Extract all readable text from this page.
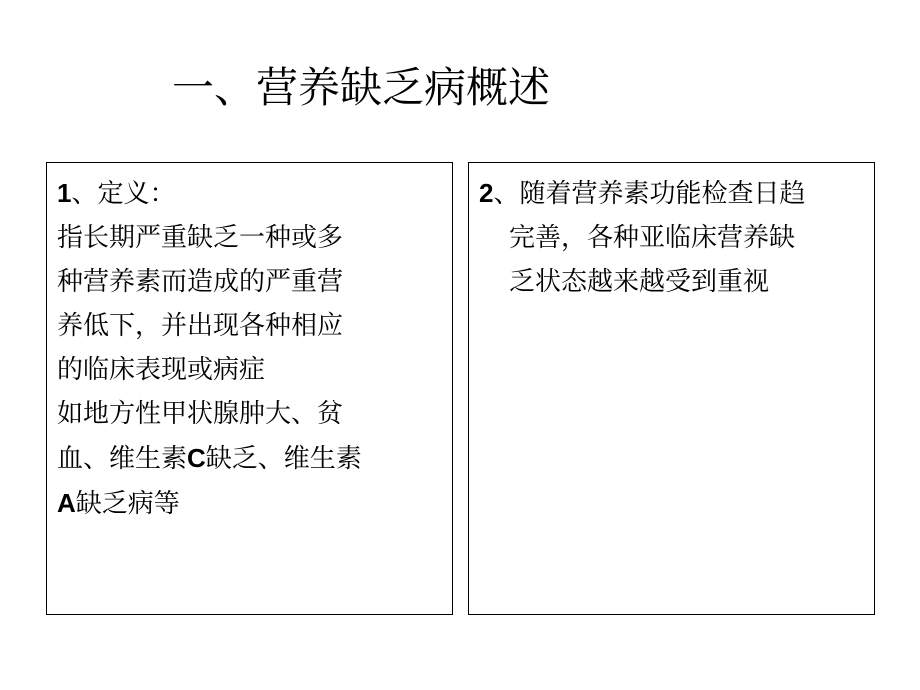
一、营养缺乏病概述
1、定义：
指长期严重缺乏一种或多
种营养素而造成的严重营
养低下，并出现各种相应
的临床表现或病症
如地方性甲状腺肿大、贫
血、维生素C缺乏、维生素
A缺乏病等
2、随着营养素功能检查日趋
完善，各种亚临床营养缺
乏状态越来越受到重视
